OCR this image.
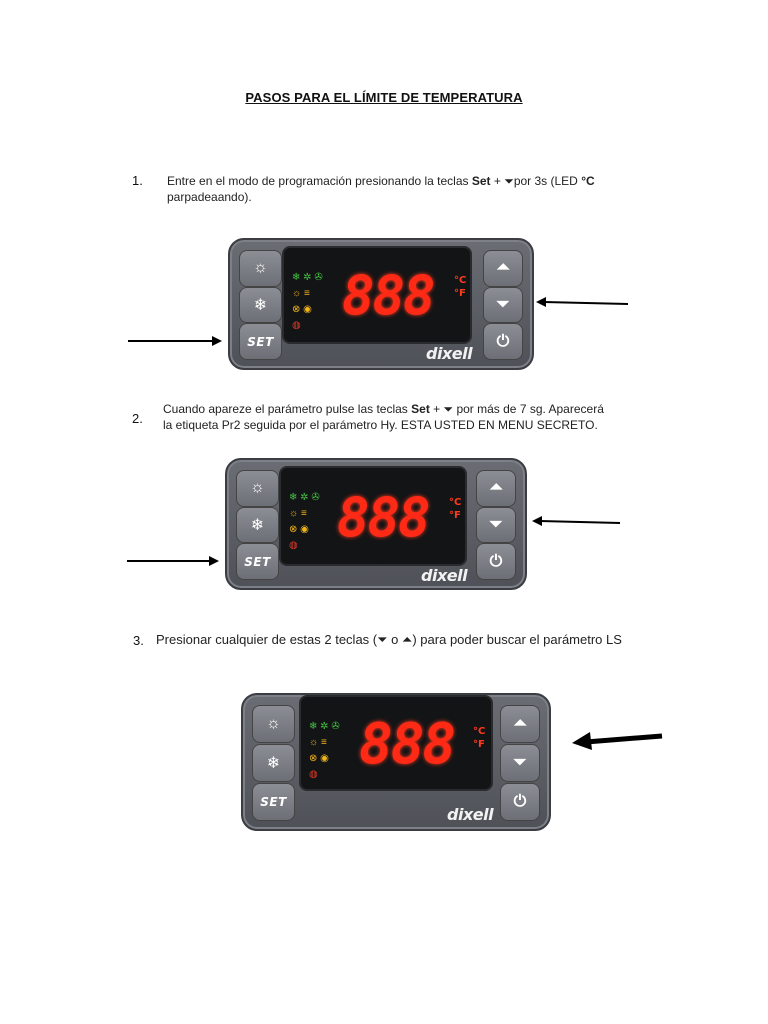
PASOS PARA EL LÍMITE DE TEMPERATURA
1. Entre en el modo de programación presionando la teclas Set + ⏷por 3s (LED °C parpadeaando).
☼
❄
SET
❄ ✲ ✇
☼ ≡
⊗ ◉
◍ 888 °C
°F
dixell
⏶
⏷
⏻
2.
Cuando apareze el parámetro pulse las teclas Set + ⏷ por más de 7 sg. Aparecerá la etiqueta Pr2 seguida por el parámetro Hy. ESTA USTED EN MENU SECRETO.
☼
❄
SET
❄ ✲ ✇
☼ ≡
⊗ ◉
◍ 888 °C
°F
dixell
⏶
⏷
⏻
3. Presionar cualquier de estas 2 teclas (⏷ o ⏶) para poder buscar el parámetro LS
☼
❄
SET
❄ ✲ ✇
☼ ≡
⊗ ◉
◍ 888 °C
°F
dixell
⏶
⏷
⏻
